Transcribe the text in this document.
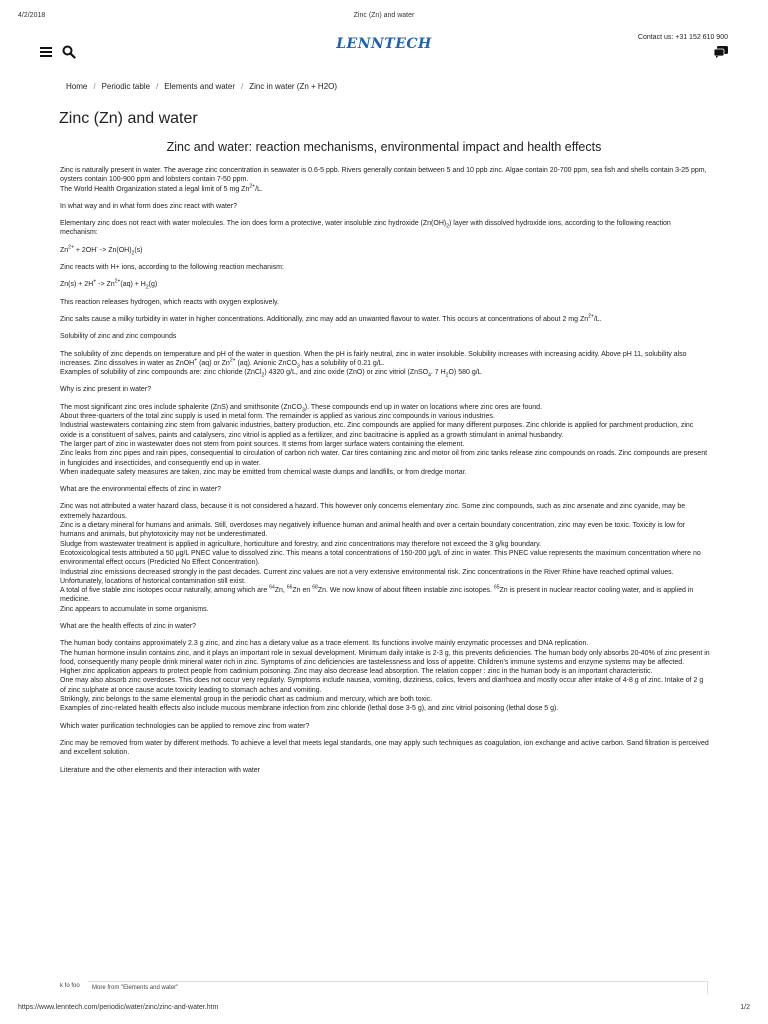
4/2/2018	Zinc (Zn) and water
LENNTECH	Contact us: +31 152 610 900
Home / Periodic table / Elements and water / Zinc in water (Zn + H2O)
Zinc (Zn) and water
Zinc and water: reaction mechanisms, environmental impact and health effects

Zinc is naturally present in water. The average zinc concentration in seawater is 0.6-5 ppb. Rivers generally contain between 5 and 10 ppb zinc. Algae contain 20-700 ppm, sea fish and shells contain 3-25 ppm, oysters contain 100-900 ppm and lobsters contain 7-50 ppm.
The World Health Organization stated a legal limit of 5 mg $Zn^{2+}/L$.

In what way and in what form does zinc react with water?

Elementary zinc does not react with water molecules. The ion does form a protective, water insoluble zinc hydroxide $(Zn(OH)_2)$ layer with dissolved hydroxide ions, according to the following reaction mechanism:

$Zn^{2+} + 2OH^- -> Zn(OH)_2(s)$

Zinc reacts with H+ ions, according to the following reaction mechanism:

$Zn(s) + 2H^+ -> Zn^{2+}(aq) + H_2(g)$

This reaction releases hydrogen, which reacts with oxygen explosively.

Zinc salts cause a milky turbidity in water in higher concentrations. Additionally, zinc may add an unwanted flavour to water. This occurs at concentrations of about 2 mg $Zn^{2+}/L$.

Solubility of zinc and zinc compounds

The solubility of zinc depends on temperature and pH of the water in question. When the pH is fairly neutral, zinc in water insoluble. Solubility increases with increasing acidity. Above pH 11, solubility also increases. Zinc dissolves in water as ZnOH+ (aq) or $Zn^{2+}$ (aq). Anionic ZnCO$_3$ has a solubility of 0.21 g/L.
Examples of solubility of zinc compounds are: zinc chloride (ZnCl$_2$) 4320 g/L, and zinc oxide (ZnO) or zinc vitriol (ZnSO$_4$. 7 $H_2O$) 580 g/L

Why is zinc present in water?

The most significant zinc ores include sphalerite (ZnS) and smithsonite (ZnCO$_3$). These compounds end up in water on locations where zinc ores are found.
About three-quarters of the total zinc supply is used in metal form. The remainder is applied as various zinc compounds in various industries.
Industrial wastewaters containing zinc stem from galvanic industries, battery production, etc. Zinc compounds are applied for many different purposes. Zinc chloride is applied for parchment production, zinc oxide is a constituent of salves, paints and catalysers, zinc vitriol is applied as a fertilizer, and zinc bacitracine is applied as a growth stimulant in animal husbandry.
The larger part of zinc in wastewater does not stem from point sources. It stems from larger surface waters containing the element.
Zinc leaks from zinc pipes and rain pipes, consequential to circulation of carbon rich water. Car tires containing zinc and motor oil from zinc tanks release zinc compounds on roads. Zinc compounds are present in fungicides and insecticides, and consequently end up in water.
When inadequate safety measures are taken, zinc may be emitted from chemical waste dumps and landfills, or from dredge mortar.

What are the environmental effects of zinc in water?

Zinc was not attributed a water hazard class, because it is not considered a hazard. This however only concerns elementary zinc. Some zinc compounds, such as zinc arsenate and zinc cyanide, may be extremely hazardous.
Zinc is a dietary mineral for humans and animals. Still, overdoses may negatively influence human and animal health and over a certain boundary concentration, zinc may even be toxic. Toxicity is low for humans and animals, but phytotoxicity may not be underestimated.
Sludge from wastewater treatment is applied in agriculture, horticulture and forestry, and zinc concentrations may therefore not exceed the 3 g/kg boundary.
Ecotoxicological tests attributed a 50 μg/L PNEC value to dissolved zinc. This means a total concentrations of 150-200 μg/L of zinc in water. This PNEC value represents the maximum concentration where no environmental effect occurs (Predicted No Effect Concentration).
Industrial zinc emissions decreased strongly in the past decades. Current zinc values are not a very extensive environmental risk. Zinc concentrations in the River Rhine have reached optimal values. Unfortunately, locations of historical contamination still exist.
A total of five stable zinc isotopes occur naturally, among which are $^{64}$Zn, $^{66}$Zn en $^{68}$Zn. We now know of about fifteen instable zinc isotopes. $^{65}$Zn is present in nuclear reactor cooling water, and is applied in medicine.
Zinc appears to accumulate in some organisms.

What are the health effects of zinc in water?

The human body contains approximately 2.3 g zinc, and zinc has a dietary value as a trace element. Its functions involve mainly enzymatic processes and DNA replication.
The human hormone insulin contains zinc, and it plays an important role in sexual development. Minimum daily intake is 2-3 g, this prevents deficiencies. The human body only absorbs 20-40% of zinc present in food, consequently many people drink mineral water rich in zinc. Symptoms of zinc deficiencies are tastelessness and loss of appetite. Children's immune systems and enzyme systems may be affected.
Higher zinc application appears to protect people from cadmium poisoning. Zinc may also decrease lead absorption. The relation copper : zinc in the human body is an important characteristic.
One may also absorb zinc overdoses. This does not occur very regularly. Symptoms include nausea, vomiting, dizziness, colics, fevers and diarrhoea and mostly occur after intake of 4-8 g of zinc. Intake of 2 g of zinc sulphate at once cause acute toxicity leading to stomach aches and vomiting.
Strikingly, zinc belongs to the same elemental group in the periodic chart as cadmium and mercury, which are both toxic.
Examples of zinc-related health effects also include mucous membrane infection from zinc chloride (lethal dose 3-5 g), and zinc vitriol poisoning (lethal dose 5 g).

Which water purification technologies can be applied to remove zinc from water?

Zinc may be removed from water by different methods. To achieve a level that meets legal standards, one may apply such techniques as coagulation, ion exchange and active carbon. Sand filtration is perceived and excellent solution.

Literature and the other elements and their interaction with water

k fo foo	More from "Elements and water"
https://www.lenntech.com/periodic/water/zinc/zinc-and-water.htm	1/2
